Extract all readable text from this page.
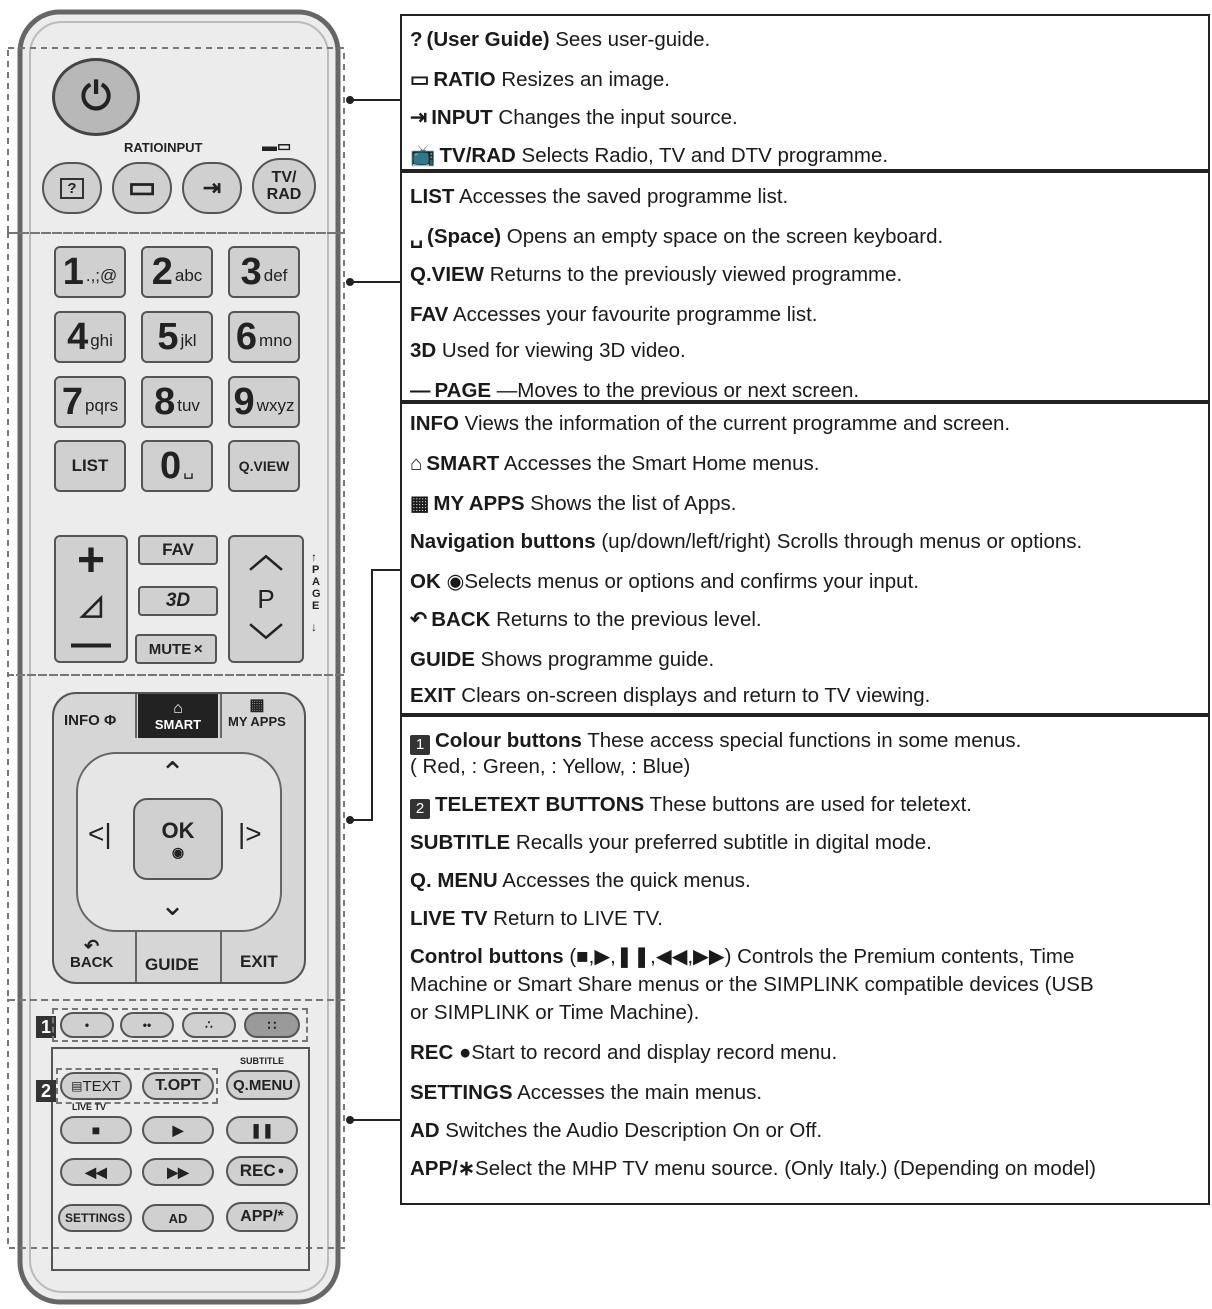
⏻
RATIOINPUT	▬▭
? ▭ ⇥	TV/
RAD
1 .,;@ 2 abc 3 def
4 ghi 5 jkl 6 mno
7 pqrs 8 tuv 9 wxyz
LIST 0 ␣	Q.VIEW
+
◿
—
FAV
3D
MUTE ✕
︿
P
﹀
PAGE
↑
↓
INFO Φ
⌂
SMART
▦
MY APPS
⌃
<|	|>
⌄
OK
◉
↶
BACK GUIDE EXIT
1	•	••	∴	∷
2
SUBTITLE
▤ TEXT T.OPT Q.MENU
LIVE TV
■	▶	❚❚
◀◀	▶▶	REC ●
SETTINGS	AD	APP/*
? (User Guide) Sees user-guide.
▭ RATIO Resizes an image.
⇥ INPUT Changes the input source.
📺 TV/RAD Selects Radio, TV and DTV programme.
LIST Accesses the saved programme list.
␣ (Space) Opens an empty space on the screen keyboard.
Q.VIEW Returns to the previously viewed programme.
FAV Accesses your favourite programme list.
3D Used for viewing 3D video.
— PAGE —Moves to the previous or next screen.
INFO Views the information of the current programme and screen.
⌂ SMART Accesses the Smart Home menus.
▦ MY APPS Shows the list of Apps.
Navigation buttons (up/down/left/right) Scrolls through menus or options.
OK ◉Selects menus or options and confirms your input.
↶ BACK Returns to the previous level.
GUIDE Shows programme guide.
EXIT Clears on-screen displays and return to TV viewing.
1 Colour buttons These access special functions in some menus.
( Red, : Green, : Yellow, : Blue)
2 TELETEXT BUTTONS These buttons are used for teletext.
SUBTITLE Recalls your preferred subtitle in digital mode.
Q. MENU Accesses the quick menus.
LIVE TV Return to LIVE TV.
Control buttons (■,▶,❚❚,◀◀,▶▶) Controls the Premium contents, Time
Machine or Smart Share menus or the SIMPLINK compatible devices (USB
or SIMPLINK or Time Machine).
REC ●Start to record and display record menu.
SETTINGS Accesses the main menus.
AD Switches the Audio Description On or Off.
APP/∗Select the MHP TV menu source. (Only Italy.) (Depending on model)
